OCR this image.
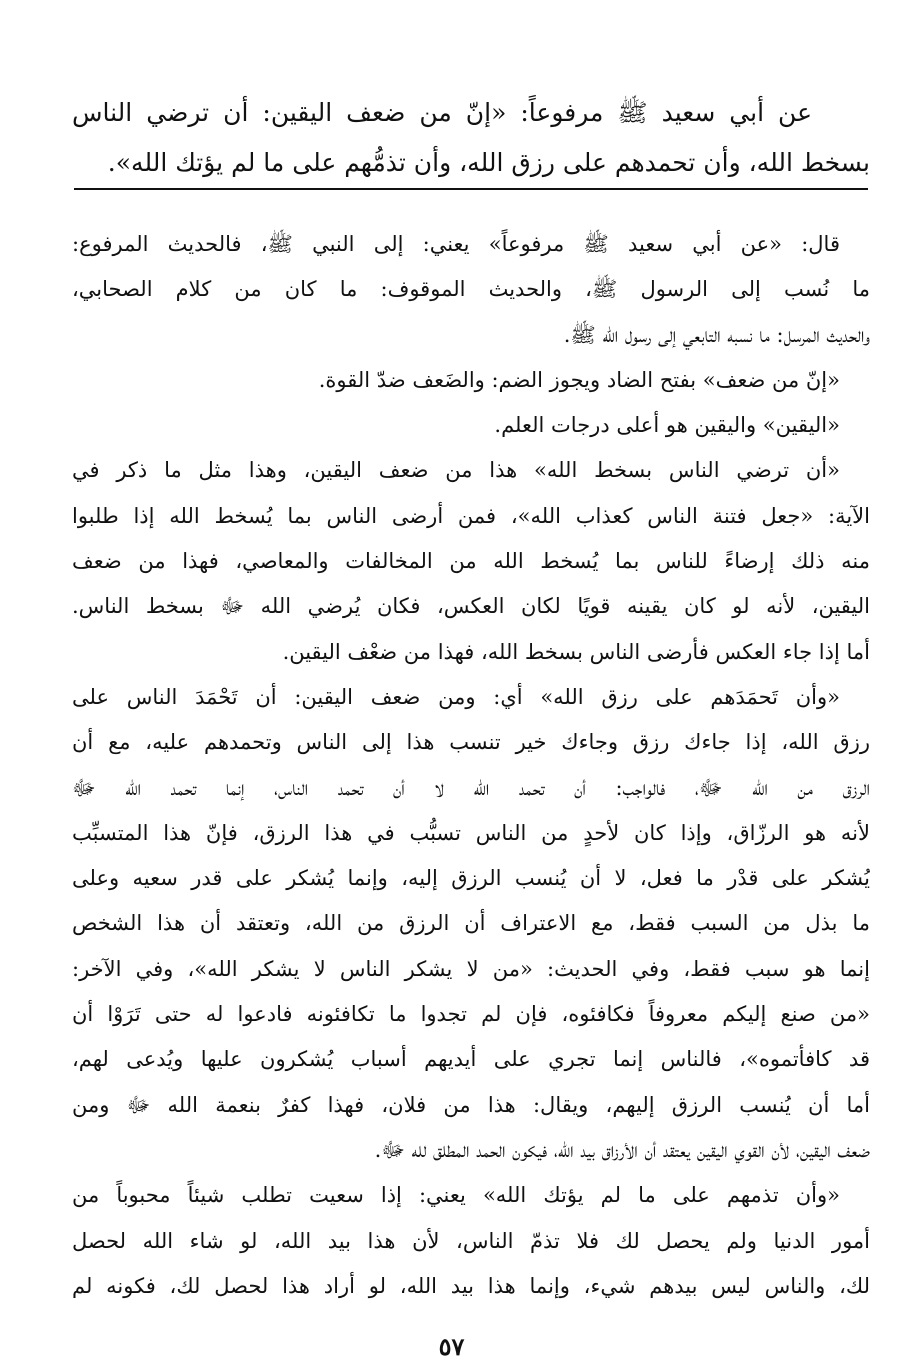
عن أبي سعيد ﷺ مرفوعاً: «إنّ من ضعف اليقين: أن ترضي الناس بسخط الله، وأن تحمدهم على رزق الله، وأن تذمُّهم على ما لم يؤتك الله».

قال: «عن أبي سعيد ﷺ مرفوعاً» يعني: إلى النبي ﷺ، فالحديث المرفوع:
ما نُسب إلى الرسول ﷺ، والحديث الموقوف: ما كان من كلام الصحابي،
والحديث المرسل: ما نسبه التابعي إلى رسول الله ﷺ.
«إنّ من ضعف» بفتح الضاد ويجوز الضم: والضَعف ضدّ القوة.
«اليقين» واليقين هو أعلى درجات العلم.
«أن ترضي الناس بسخط الله» هذا من ضعف اليقين، وهذا مثل ما ذكر في
الآية: «جعل فتنة الناس كعذاب الله»، فمن أرضى الناس بما يُسخط الله إذا طلبوا
منه ذلك إرضاءً للناس بما يُسخط الله من المخالفات والمعاصي، فهذا من ضعف
اليقين، لأنه لو كان يقينه قويًا لكان العكس، فكان يُرضي الله ﷻ بسخط الناس.
أما إذا جاء العكس فأرضى الناس بسخط الله، فهذا من ضعْف اليقين.
«وأن تَحمَدَهم على رزق الله» أي: ومن ضعف اليقين: أن تَحْمَدَ الناس على
رزق الله، إذا جاءك رزق وجاءك خير تنسب هذا إلى الناس وتحمدهم عليه، مع أن
الرزق من الله ﷻ، فالواجب: أن تحمد الله لا أن تحمد الناس، إنما تحمد الله ﷻ
لأنه هو الرزّاق، وإذا كان لأحدٍ من الناس تسبُّب في هذا الرزق، فإنّ هذا المتسبِّب
يُشكر على قدْر ما فعل، لا أن يُنسب الرزق إليه، وإنما يُشكر على قدر سعيه وعلى
ما بذل من السبب فقط، مع الاعتراف أن الرزق من الله، وتعتقد أن هذا الشخص
إنما هو سبب فقط، وفي الحديث: «من لا يشكر الناس لا يشكر الله»، وفي الآخر:
«من صنع إليكم معروفاً فكافئوه، فإن لم تجدوا ما تكافئونه فادعوا له حتى تَرَوْا أن
قد كافأتموه»، فالناس إنما تجري على أيديهم أسباب يُشكرون عليها ويُدعى لهم،
أما أن يُنسب الرزق إليهم، ويقال: هذا من فلان، فهذا كفرٌ بنعمة الله ﷻ ومن
ضعف اليقين، لأن القوي اليقين يعتقد أن الأرزاق بيد الله، فيكون الحمد المطلق لله ﷻ.
«وأن تذمهم على ما لم يؤتك الله» يعني: إذا سعيت تطلب شيئاً محبوباً من
أمور الدنيا ولم يحصل لك فلا تذمّ الناس، لأن هذا بيد الله، لو شاء الله لحصل
لك، والناس ليس بيدهم شيء، وإنما هذا بيد الله، لو أراد هذا لحصل لك، فكونه لم
٥٧
